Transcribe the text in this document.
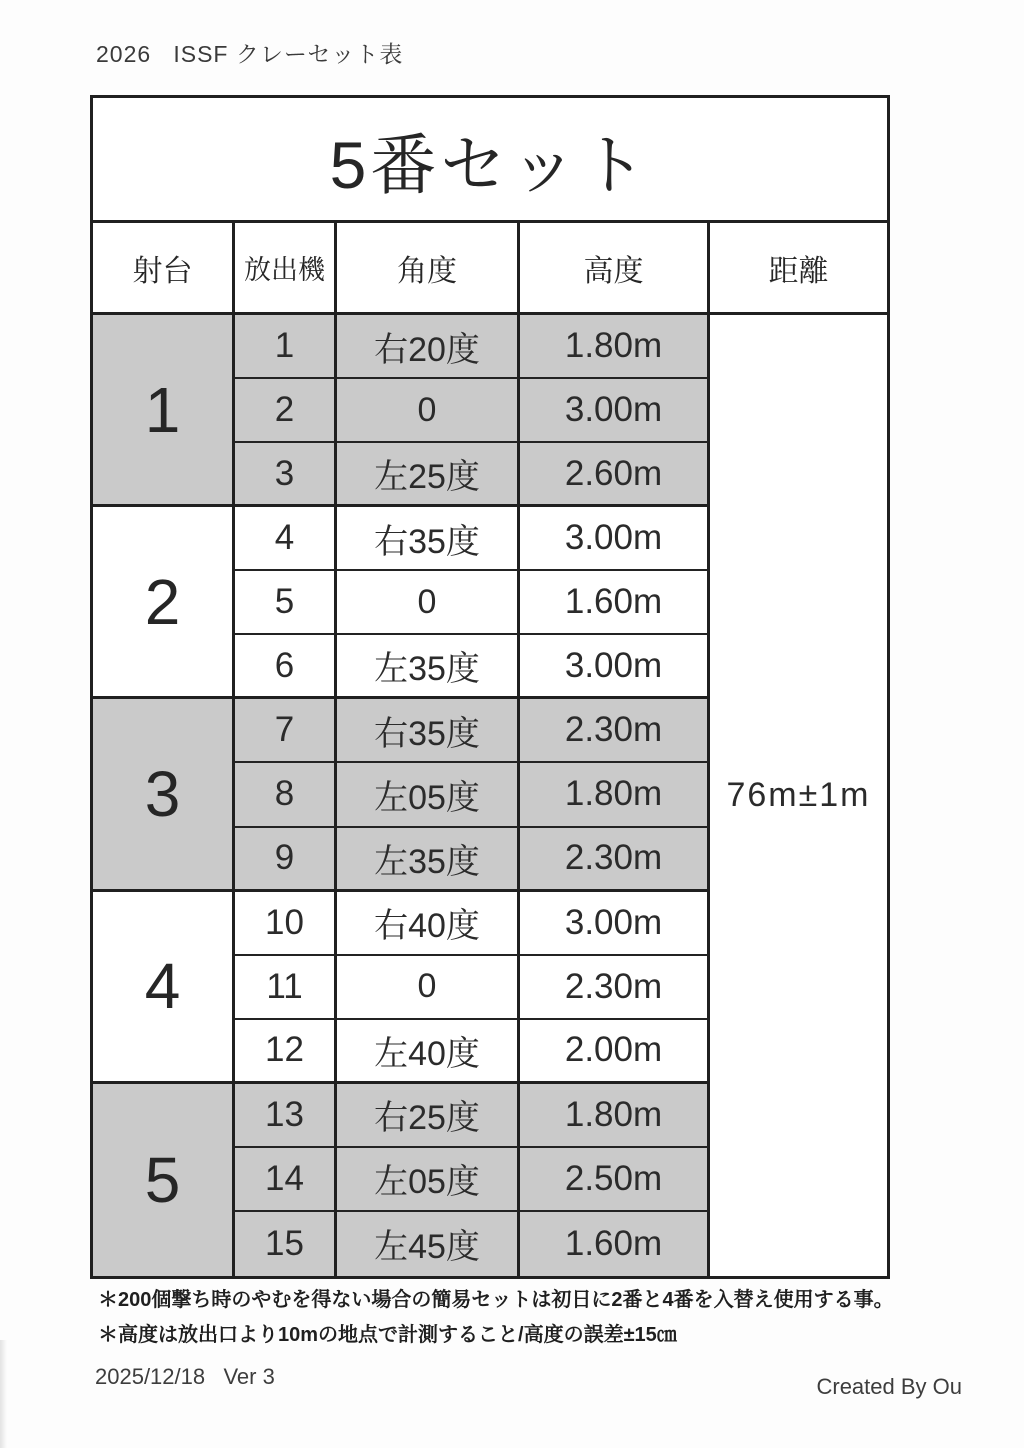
2026   ISSF クレーセット表
5番セット
射台	放出機	角度	高度	距離
1
1	右20度	1.80m
2	0	3.00m
3	左25度	2.60m
2
4	右35度	3.00m
5	0	1.60m
6	左35度	3.00m
3
7	右35度	2.30m
8	左05度	1.80m
9	左35度	2.30m
4
10	右40度	3.00m
11	0	2.30m
12	左40度	2.00m
5
13	右25度	1.80m
14	左05度	2.50m
15	左45度	1.60m
76m±1m
＊200個撃ち時のやむを得ない場合の簡易セットは初日に2番と4番を入替え使用する事。
＊高度は放出口より10mの地点で計測すること/高度の誤差±15㎝
2025/12/18   Ver 3	Created By Ou
